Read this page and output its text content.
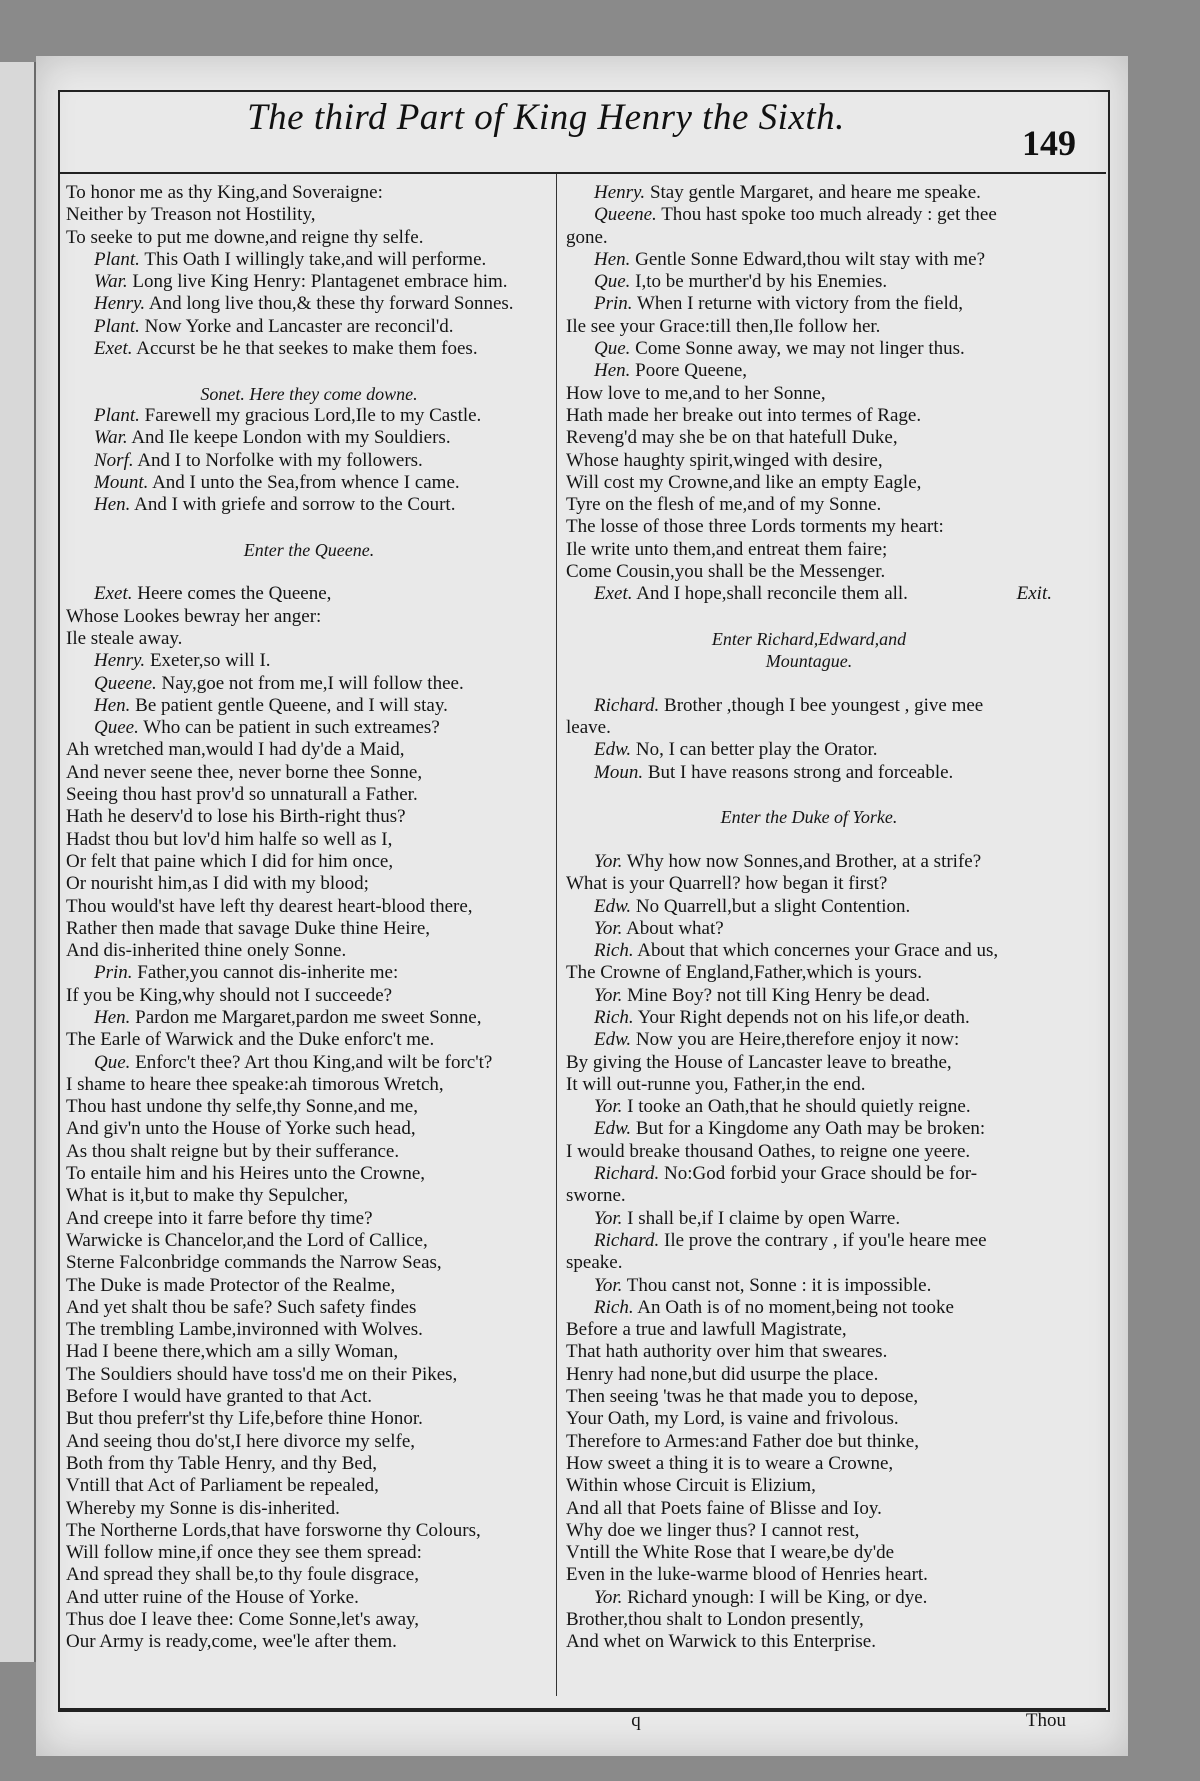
The third Part of King Henry the Sixth.
149
To honor me as thy King,and Soveraigne:
Neither by Treason not Hostility,
To seeke to put me downe,and reigne thy selfe.
Plant. This Oath I willingly take,and will performe.
War. Long live King Henry: Plantagenet embrace him.
Henry. And long live thou,& these thy forward Sonnes.
Plant. Now Yorke and Lancaster are reconcil'd.
Exet. Accurst be he that seekes to make them foes.
Sonet. Here they come downe.
Plant. Farewell my gracious Lord,Ile to my Castle.
War. And Ile keepe London with my Souldiers.
Norf. And I to Norfolke with my followers.
Mount. And I unto the Sea,from whence I came.
Hen. And I with griefe and sorrow to the Court.
Enter the Queene.
Exet. Heere comes the Queene,
Whose Lookes bewray her anger:
Ile steale away.
Henry. Exeter,so will I.
Queene. Nay,goe not from me,I will follow thee.
Hen. Be patient gentle Queene, and I will stay.
Quee. Who can be patient in such extreames?
Ah wretched man,would I had dy'de a Maid,
And never seene thee, never borne thee Sonne,
Seeing thou hast prov'd so unnaturall a Father.
Hath he deserv'd to lose his Birth-right thus?
Hadst thou but lov'd him halfe so well as I,
Or felt that paine which I did for him once,
Or nourisht him,as I did with my blood;
Thou would'st have left thy dearest heart-blood there,
Rather then made that savage Duke thine Heire,
And dis-inherited thine onely Sonne.
Prin. Father,you cannot dis-inherite me:
If you be King,why should not I succeede?
Hen. Pardon me Margaret,pardon me sweet Sonne,
The Earle of Warwick and the Duke enforc't me.
Que. Enforc't thee? Art thou King,and wilt be forc't?
I shame to heare thee speake:ah timorous Wretch,
Thou hast undone thy selfe,thy Sonne,and me,
And giv'n unto the House of Yorke such head,
As thou shalt reigne but by their sufferance.
To entaile him and his Heires unto the Crowne,
What is it,but to make thy Sepulcher,
And creepe into it farre before thy time?
Warwicke is Chancelor,and the Lord of Callice,
Sterne Falconbridge commands the Narrow Seas,
The Duke is made Protector of the Realme,
And yet shalt thou be safe? Such safety findes
The trembling Lambe,invironned with Wolves.
Had I beene there,which am a silly Woman,
The Souldiers should have toss'd me on their Pikes,
Before I would have granted to that Act.
But thou preferr'st thy Life,before thine Honor.
And seeing thou do'st,I here divorce my selfe,
Both from thy Table Henry, and thy Bed,
Vntill that Act of Parliament be repealed,
Whereby my Sonne is dis-inherited.
The Northerne Lords,that have forsworne thy Colours,
Will follow mine,if once they see them spread:
And spread they shall be,to thy foule disgrace,
And utter ruine of the House of Yorke.
Thus doe I leave thee: Come Sonne,let's away,
Our Army is ready,come, wee'le after them.
Henry. Stay gentle Margaret, and heare me speake.
Queene. Thou hast spoke too much already : get thee
gone.
Hen. Gentle Sonne Edward,thou wilt stay with me?
Que. I,to be murther'd by his Enemies.
Prin. When I returne with victory from the field,
Ile see your Grace:till then,Ile follow her.
Que. Come Sonne away, we may not linger thus.
Hen. Poore Queene,
How love to me,and to her Sonne,
Hath made her breake out into termes of Rage.
Reveng'd may she be on that hatefull Duke,
Whose haughty spirit,winged with desire,
Will cost my Crowne,and like an empty Eagle,
Tyre on the flesh of me,and of my Sonne.
The losse of those three Lords torments my heart:
Ile write unto them,and entreat them faire;
Come Cousin,you shall be the Messenger.
Exet. And I hope,shall reconcile them all.	Exit.
Enter Richard,Edward,and
Mountague.
Richard. Brother ,though I bee youngest , give mee
leave.
Edw. No, I can better play the Orator.
Moun. But I have reasons strong and forceable.
Enter the Duke of Yorke.
Yor. Why how now Sonnes,and Brother, at a strife?
What is your Quarrell? how began it first?
Edw. No Quarrell,but a slight Contention.
Yor. About what?
Rich. About that which concernes your Grace and us,
The Crowne of England,Father,which is yours.
Yor. Mine Boy? not till King Henry be dead.
Rich. Your Right depends not on his life,or death.
Edw. Now you are Heire,therefore enjoy it now:
By giving the House of Lancaster leave to breathe,
It will out-runne you, Father,in the end.
Yor. I tooke an Oath,that he should quietly reigne.
Edw. But for a Kingdome any Oath may be broken:
I would breake thousand Oathes, to reigne one yeere.
Richard. No:God forbid your Grace should be for-
sworne.
Yor. I shall be,if I claime by open Warre.
Richard. Ile prove the contrary , if you'le heare mee
speake.
Yor. Thou canst not, Sonne : it is impossible.
Rich. An Oath is of no moment,being not tooke
Before a true and lawfull Magistrate,
That hath authority over him that sweares.
Henry had none,but did usurpe the place.
Then seeing 'twas he that made you to depose,
Your Oath, my Lord, is vaine and frivolous.
Therefore to Armes:and Father doe but thinke,
How sweet a thing it is to weare a Crowne,
Within whose Circuit is Elizium,
And all that Poets faine of Blisse and Ioy.
Why doe we linger thus? I cannot rest,
Vntill the White Rose that I weare,be dy'de
Even in the luke-warme blood of Henries heart.
Yor. Richard ynough: I will be King, or dye.
Brother,thou shalt to London presently,
And whet on Warwick to this Enterprise.
q	Thou
